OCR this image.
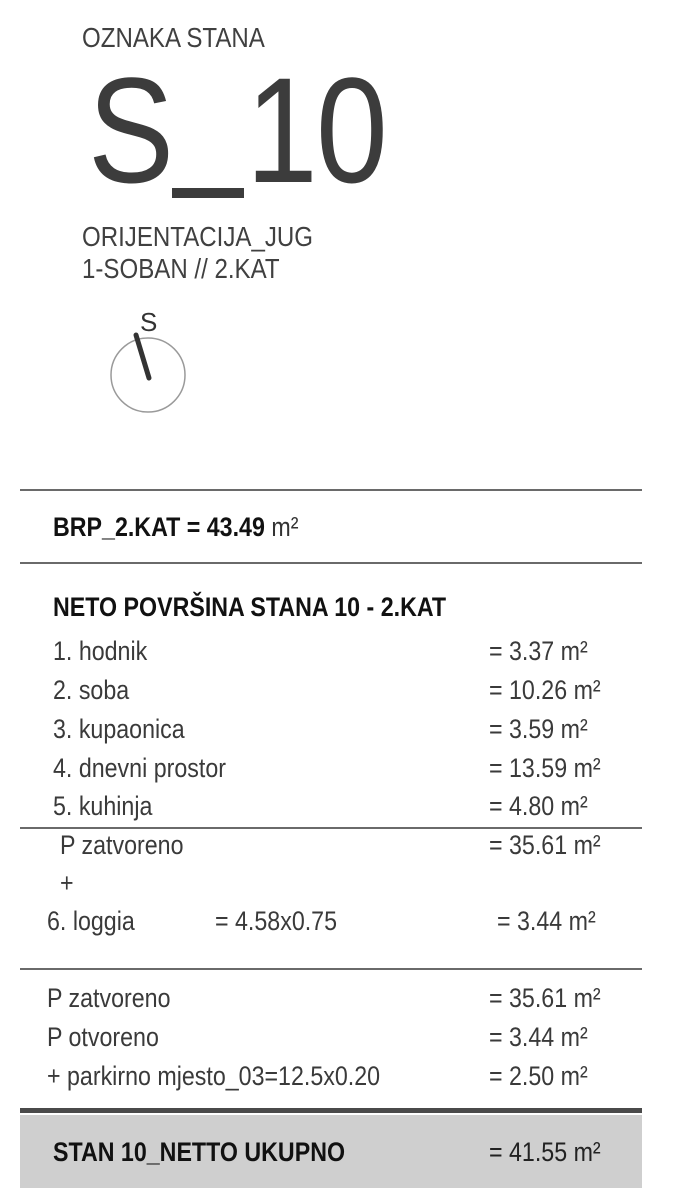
OZNAKA STANA
S 10
ORIJENTACIJA_JUG
1-SOBAN // 2.KAT
S
BRP_2.KAT = 43.49 m²
NETO POVRŠINA STANA 10 - 2.KAT
1. hodnik	= 3.37 m²
2. soba	= 10.26 m²
3. kupaonica	= 3.59 m²
4. dnevni prostor	= 13.59 m²
5. kuhinja	= 4.80 m²
P zatvoreno	= 35.61 m²
+
6. loggia	= 4.58x0.75	= 3.44 m²
P zatvoreno	= 35.61 m²
P otvoreno	= 3.44 m²
+ parkirno mjesto_03=12.5x0.20	= 2.50 m²
STAN 10_NETTO UKUPNO	= 41.55 m²
